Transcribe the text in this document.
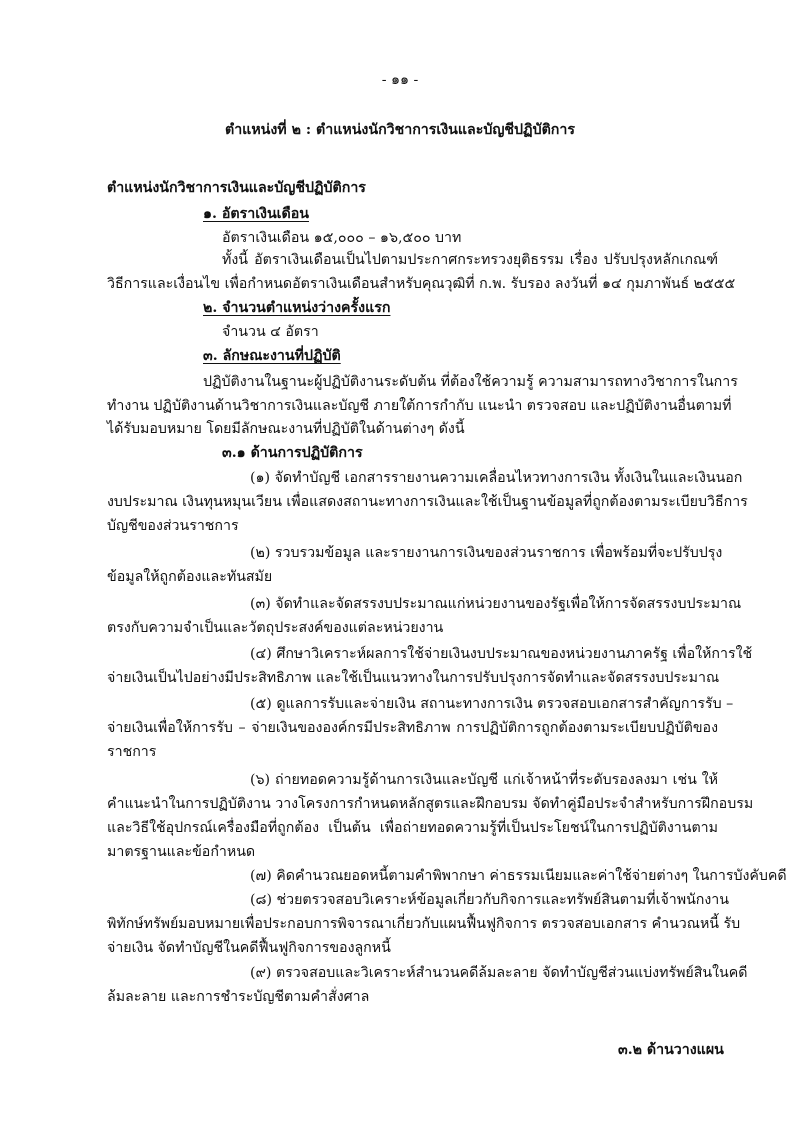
- ๑๑ -
ตำแหน่งที่ ๒ : ตำแหน่งนักวิชาการเงินและบัญชีปฏิบัติการ
ตำแหน่งนักวิชาการเงินและบัญชีปฏิบัติการ
๑. อัตราเงินเดือน
อัตราเงินเดือน ๑๕,๐๐๐ – ๑๖,๕๐๐ บาท
ทั้งนี้ อัตราเงินเดือนเป็นไปตามประกาศกระทรวงยุติธรรม เรื่อง ปรับปรุงหลักเกณฑ์
วิธีการและเงื่อนไข เพื่อกำหนดอัตราเงินเดือนสำหรับคุณวุฒิที่ ก.พ. รับรอง ลงวันที่ ๑๔ กุมภาพันธ์ ๒๕๕๕
๒. จำนวนตำแหน่งว่างครั้งแรก
จำนวน ๔ อัตรา
๓. ลักษณะงานที่ปฏิบัติ
ปฏิบัติงานในฐานะผู้ปฏิบัติงานระดับต้น ที่ต้องใช้ความรู้ ความสามารถทางวิชาการในการ
ทำงาน ปฏิบัติงานด้านวิชาการเงินและบัญชี ภายใต้การกำกับ แนะนำ ตรวจสอบ และปฏิบัติงานอื่นตามที่
ได้รับมอบหมาย โดยมีลักษณะงานที่ปฏิบัติในด้านต่างๆ ดังนี้
๓.๑ ด้านการปฏิบัติการ
(๑) จัดทำบัญชี เอกสารรายงานความเคลื่อนไหวทางการเงิน ทั้งเงินในและเงินนอก
งบประมาณ เงินทุนหมุนเวียน เพื่อแสดงสถานะทางการเงินและใช้เป็นฐานข้อมูลที่ถูกต้องตามระเบียบวิธีการ
บัญชีของส่วนราชการ
(๒) รวบรวมข้อมูล และรายงานการเงินของส่วนราชการ เพื่อพร้อมที่จะปรับปรุง
ข้อมูลให้ถูกต้องและทันสมัย
(๓) จัดทำและจัดสรรงบประมาณแก่หน่วยงานของรัฐเพื่อให้การจัดสรรงบประมาณ
ตรงกับความจำเป็นและวัตถุประสงค์ของแต่ละหน่วยงาน
(๔) ศึกษาวิเคราะห์ผลการใช้จ่ายเงินงบประมาณของหน่วยงานภาครัฐ เพื่อให้การใช้
จ่ายเงินเป็นไปอย่างมีประสิทธิภาพ และใช้เป็นแนวทางในการปรับปรุงการจัดทำและจัดสรรงบประมาณ
(๕) ดูแลการรับและจ่ายเงิน สถานะทางการเงิน ตรวจสอบเอกสารสำคัญการรับ –
จ่ายเงินเพื่อให้การรับ – จ่ายเงินขององค์กรมีประสิทธิภาพ การปฏิบัติการถูกต้องตามระเบียบปฏิบัติของ
ราชการ
(๖) ถ่ายทอดความรู้ด้านการเงินและบัญชี แก่เจ้าหน้าที่ระดับรองลงมา เช่น ให้
คำแนะนำในการปฏิบัติงาน วางโครงการกำหนดหลักสูตรและฝึกอบรม จัดทำคู่มือประจำสำหรับการฝึกอบรม
และวิธีใช้อุปกรณ์เครื่องมือที่ถูกต้อง เป็นต้น เพื่อถ่ายทอดความรู้ที่เป็นประโยชน์ในการปฏิบัติงานตาม
มาตรฐานและข้อกำหนด
(๗) คิดคำนวณยอดหนี้ตามคำพิพากษา ค่าธรรมเนียมและค่าใช้จ่ายต่างๆ ในการบังคับคดี
(๘) ช่วยตรวจสอบวิเคราะห์ข้อมูลเกี่ยวกับกิจการและทรัพย์สินตามที่เจ้าพนักงาน
พิทักษ์ทรัพย์มอบหมายเพื่อประกอบการพิจารณาเกี่ยวกับแผนฟื้นฟูกิจการ ตรวจสอบเอกสาร คำนวณหนี้ รับ
จ่ายเงิน จัดทำบัญชีในคดีฟื้นฟูกิจการของลูกหนี้
(๙) ตรวจสอบและวิเคราะห์สำนวนคดีล้มละลาย จัดทำบัญชีส่วนแบ่งทรัพย์สินในคดี
ล้มละลาย และการชำระบัญชีตามคำสั่งศาล
๓.๒ ด้านวางแผน
